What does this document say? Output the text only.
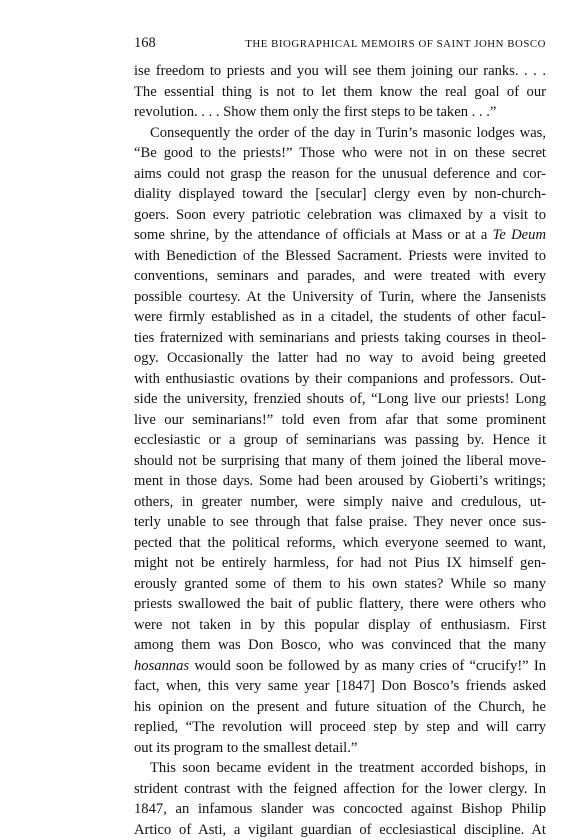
168	THE BIOGRAPHICAL MEMOIRS OF SAINT JOHN BOSCO
ise freedom to priests and you will see them joining our ranks. . . .
The essential thing is not to let them know the real goal of our
revolution. . . . Show them only the first steps to be taken . . .”
Consequently the order of the day in Turin’s masonic lodges was,
“Be good to the priests!” Those who were not in on these secret
aims could not grasp the reason for the unusual deference and cor-
diality displayed toward the [secular] clergy even by non-church-
goers. Soon every patriotic celebration was climaxed by a visit to
some shrine, by the attendance of officials at Mass or at a Te Deum
with Benediction of the Blessed Sacrament. Priests were invited to
conventions, seminars and parades, and were treated with every
possible courtesy. At the University of Turin, where the Jansenists
were firmly established as in a citadel, the students of other facul-
ties fraternized with seminarians and priests taking courses in theol-
ogy. Occasionally the latter had no way to avoid being greeted
with enthusiastic ovations by their companions and professors. Out-
side the university, frenzied shouts of, “Long live our priests! Long
live our seminarians!” told even from afar that some prominent
ecclesiastic or a group of seminarians was passing by. Hence it
should not be surprising that many of them joined the liberal move-
ment in those days. Some had been aroused by Gioberti’s writings;
others, in greater number, were simply naive and credulous, ut-
terly unable to see through that false praise. They never once sus-
pected that the political reforms, which everyone seemed to want,
might not be entirely harmless, for had not Pius IX himself gen-
erously granted some of them to his own states? While so many
priests swallowed the bait of public flattery, there were others who
were not taken in by this popular display of enthusiasm. First
among them was Don Bosco, who was convinced that the many
hosannas would soon be followed by as many cries of “crucify!” In
fact, when, this very same year [1847] Don Bosco’s friends asked
his opinion on the present and future situation of the Church, he
replied, “The revolution will proceed step by step and will carry
out its program to the smallest detail.”
This soon became evident in the treatment accorded bishops, in
strident contrast with the feigned affection for the lower clergy. In
1847, an infamous slander was concocted against Bishop Philip
Artico of Asti, a vigilant guardian of ecclesiastical discipline. At
